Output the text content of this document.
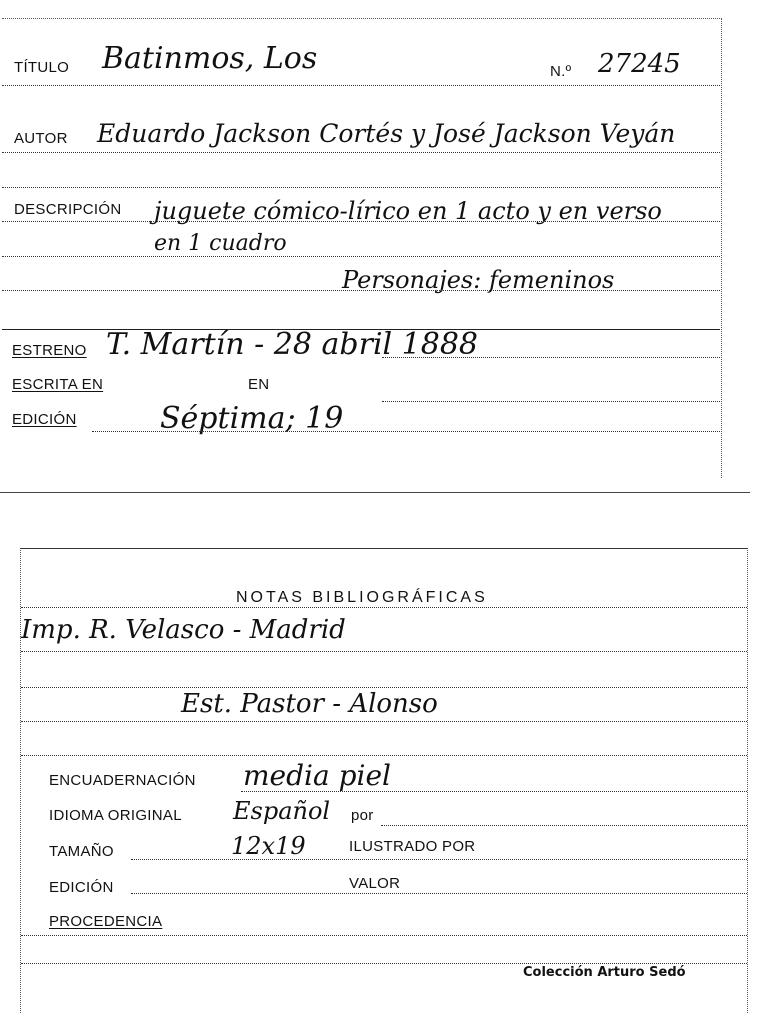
TÍTULO Batinmos, Los	N.º 27245
AUTOR Eduardo Jackson Cortés y José Jackson Veyán
DESCRIPCIÓN juguete cómico-lírico en 1 acto y en verso
en 1 cuadro
Personajes: femeninos
ESTRENO T. Martín - 28 abril 1888
ESCRITA EN	EN
EDICIÓN	Séptima; 19
NOTAS BIBLIOGRÁFICAS
Imp. R. Velasco - Madrid
Est. Pastor - Alonso
ENCUADERNACIÓN media piel
IDIOMA ORIGINAL Español por
TAMAÑO	12x19	ILUSTRADO POR
EDICIÓN	VALOR
PROCEDENCIA
Colección Arturo Sedó
